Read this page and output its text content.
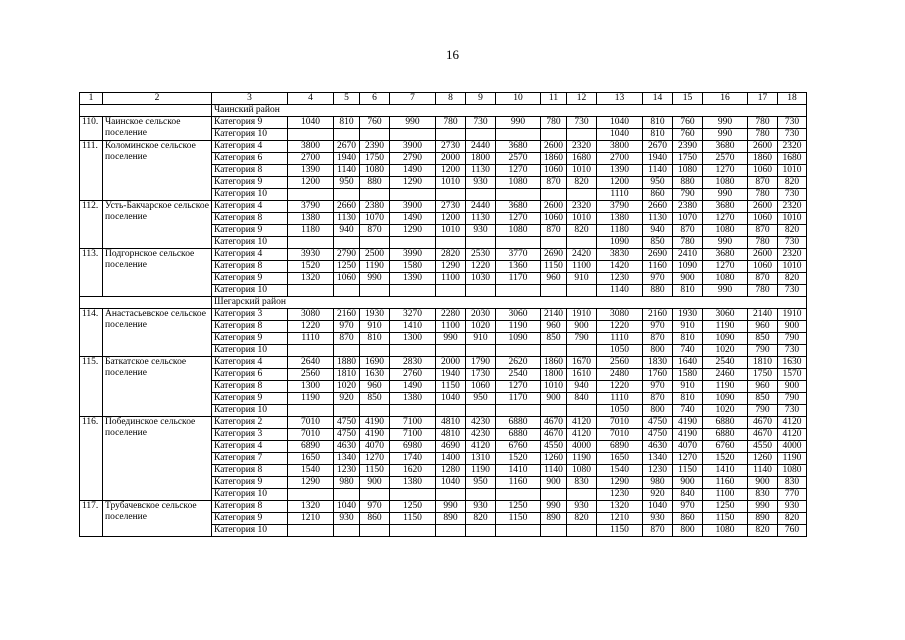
16
1	2	3	4	5	6	7	8	9	10	11	12	13	14	15	16	17	18
		Чаинский район															
110.	Чаинское сельское поселение	Категория 9	1040	810	760	990	780	730	990	780	730	1040	810	760	990	780	730
		Категория 10										1040	810	760	990	780	730
111.	Коломинское сельское поселение	Категория 4	3800	2670	2390	3900	2730	2440	3680	2600	2320	3800	2670	2390	3680	2600	2320
		Категория 6	2700	1940	1750	2790	2000	1800	2570	1860	1680	2700	1940	1750	2570	1860	1680
		Категория 8	1390	1140	1080	1490	1200	1130	1270	1060	1010	1390	1140	1080	1270	1060	1010
		Категория 9	1200	950	880	1290	1010	930	1080	870	820	1200	950	880	1080	870	820
		Категория 10										1110	860	790	990	780	730
112.	Усть-Бакчарское сельское поселение	Категория 4	3790	2660	2380	3900	2730	2440	3680	2600	2320	3790	2660	2380	3680	2600	2320
		Категория 8	1380	1130	1070	1490	1200	1130	1270	1060	1010	1380	1130	1070	1270	1060	1010
		Категория 9	1180	940	870	1290	1010	930	1080	870	820	1180	940	870	1080	870	820
		Категория 10										1090	850	780	990	780	730
113.	Подгорнское сельское поселение	Категория 4	3930	2790	2500	3990	2820	2530	3770	2690	2420	3830	2690	2410	3680	2600	2320
		Категория 8	1520	1250	1190	1580	1290	1220	1360	1150	1100	1420	1160	1090	1270	1060	1010
		Категория 9	1320	1060	990	1390	1100	1030	1170	960	910	1230	970	900	1080	870	820
		Категория 10										1140	880	810	990	780	730
		Шегарский район															
114.	Анастасьевское сельское поселение	Категория 3	3080	2160	1930	3270	2280	2030	3060	2140	1910	3080	2160	1930	3060	2140	1910
		Категория 8	1220	970	910	1410	1100	1020	1190	960	900	1220	970	910	1190	960	900
		Категория 9	1110	870	810	1300	990	910	1090	850	790	1110	870	810	1090	850	790
		Категория 10										1050	800	740	1020	790	730
115.	Баткатское сельское поселение	Категория 4	2640	1880	1690	2830	2000	1790	2620	1860	1670	2560	1830	1640	2540	1810	1630
		Категория 6	2560	1810	1630	2760	1940	1730	2540	1800	1610	2480	1760	1580	2460	1750	1570
		Категория 8	1300	1020	960	1490	1150	1060	1270	1010	940	1220	970	910	1190	960	900
		Категория 9	1190	920	850	1380	1040	950	1170	900	840	1110	870	810	1090	850	790
		Категория 10										1050	800	740	1020	790	730
116.	Побединское сельское поселение	Категория 2	7010	4750	4190	7100	4810	4230	6880	4670	4120	7010	4750	4190	6880	4670	4120
		Категория 3	7010	4750	4190	7100	4810	4230	6880	4670	4120	7010	4750	4190	6880	4670	4120
		Категория 4	6890	4630	4070	6980	4690	4120	6760	4550	4000	6890	4630	4070	6760	4550	4000
		Категория 7	1650	1340	1270	1740	1400	1310	1520	1260	1190	1650	1340	1270	1520	1260	1190
		Категория 8	1540	1230	1150	1620	1280	1190	1410	1140	1080	1540	1230	1150	1410	1140	1080
		Категория 9	1290	980	900	1380	1040	950	1160	900	830	1290	980	900	1160	900	830
		Категория 10										1230	920	840	1100	830	770
117.	Трубачевское сельское поселение	Категория 8	1320	1040	970	1250	990	930	1250	990	930	1320	1040	970	1250	990	930
		Категория 9	1210	930	860	1150	890	820	1150	890	820	1210	930	860	1150	890	820
		Категория 10										1150	870	800	1080	820	760
